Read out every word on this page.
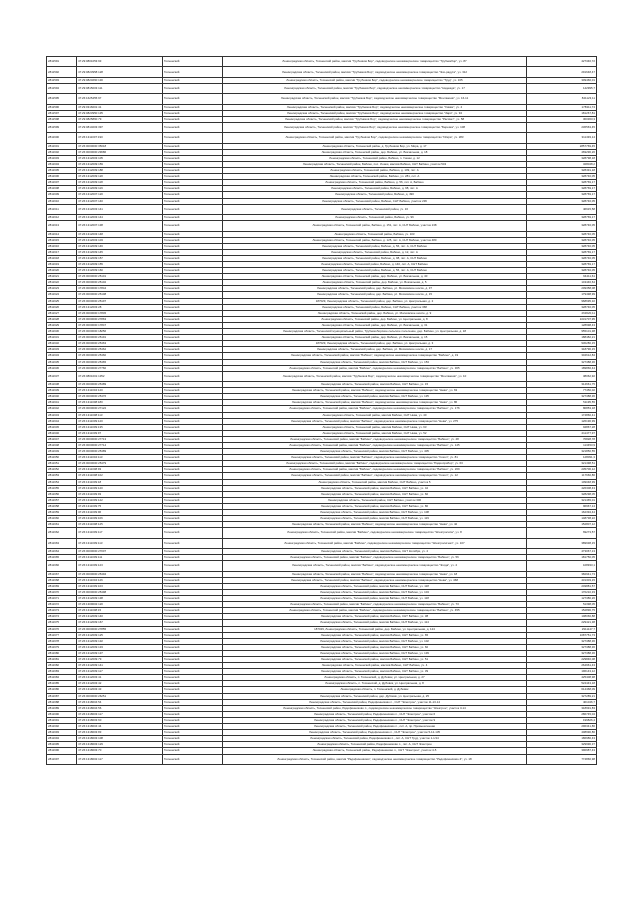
2811591	47:29:0801053:93	Тосненский	Ленинградская область, Тосненский район, массив "Трубников Бор", садоводческое некоммерческое товарищество "Трубникбор", уч. 87	427346,72
2811592	47:29:0823958:128	Тосненский	Ленинградская область, Тосненский район, массив "Трубников Бор", садоводческое некоммерческое товарищество "Эхо-радуга", уч. 312	291648,47
2811593	47:29:0824660:130	Тосненский	Ленинградская область, Тосненский район, массив "Трубников Бор", садоводческое некоммерческое товарищество "Труд", уч. 165	309466,01
2811594	47:29:0815003:111	Тосненский	Ленинградская область, Тосненский район, массив "Трубников Бор", садоводческое некоммерческое товарищество "Надежда", уч. 17	142995,7
2811595	47:26:1625455:97	Тосненский	Ленинградская область, Тосненский район, массив "Трубников Бор", садоводческое некоммерческое товарищество "Монтажник", уч. 16-11	841123,11
2811596	47:29:0316001:41	Тосненский	Ленинградская область, Тосненский район, массив "Трубников Бор", садоводческое некоммерческое товарищество "Химик", уч. 4	178311,74
2811597	47:29:0823950:135	Тосненский	Ленинградская область, Тосненский район, массив "Трубников Бор", садоводческое некоммерческое товарищество "Заря", уч. 94	181267,81
2811598	47:29:0825860:79	Тосненский	Ленинградская область, Тосненский район, массив "Трубников Бор", садоводческое некоммерческое товарищество "Рассвет", уч. 58	300363,3
2811599	47:29:0814003:397	Тосненский	Ленинградская область, Тосненский район, массив "Трубников Бор", садоводческое некоммерческое товарищество "Березка", уч. 108	236563,45
2811600	47:26:1311007:190	Тосненский	Ленинградская область, Тосненский район, массив "Трубников Бор", садоводческое некоммерческое товарищество "Искра", уч. 283	311493,14
2811601	47:26:0000000:35018	Тосненский	Ленинградская область, Тосненский район, д. Трубников Бор, ул. Мира, д. 17	2857769,45
2811602	47:26:0000000:29686	Тосненский	Ленинградская область, Тосненский район, дер. Бабино, ул. Вокзальная, д. 18	469296,26
2811603	47:26:1312003:105	Тосненский	Ленинградская область, Тосненский район, Бабино, п. Ушаки, д. 12	328798,18
2811604	47:26:1312009:159	Тосненский	Ленинградская область, Тосненский район, Бабино, пос. Ушаки, массив Бабино, СНТ Бабино, участок 543	328048,2
2811605	47:26:1312009:188	Тосненский	Ленинградская область, Тосненский район, Бабино, д. 109, лит. А	328491,18
2811606	47:26:1312009:120	Тосненский	Ленинградская область, Тосненский район, Бабино, уч. 281, лит. А	328746,05
2811607	47:26:1312009:118	Тосненский	Ленинградская область, Тосненский район, Бабино, д. 56, лит. А, Бабино	328769,17
2811608	47:26:1312009:119	Тосненский	Ленинградская область, Тосненский район, Бабино, д. 98, лит. А	328769,17
2811609	47:26:1312007:120	Тосненский	Ленинградская область, Тосненский район, Бабино, д. 490	328769,17
2811610	47:26:1312007:140	Тосненский	Ленинградская область, Тосненский район, Бабино, СНТ Бабино, участок 236	328746,05
2811611	47:26:1312003:141	Тосненский	Ленинградская область, Тосненский район, уч. 16	46915,58
2811612	47:26:1312003:144	Тосненский	Ленинградская область, Тосненский район, Бабино, уч. 96	328769,17
2811613	47:26:1312007:138	Тосненский	Ленинградская область, Тосненский район, Бабино, д. 151, лит. А, СНТ Бабино, участок 138	328746,05
2811614	47:26:1312003:148	Тосненский	Ленинградская область, Тосненский район, Бабино, уч. 103	328746,05
2811615	47:26:1312003:103	Тосненский	Ленинградская область, Тосненский район, Бабино, д. 125, лит. А, СНТ Бабино, участок 480	328746,05
2811616	47:26:1312009:146	Тосненский	Ленинградская область, Тосненский район, Бабино, д. 56, лит. А, СНТ Бабино	328746,05
2811617	47:26:1312009:145	Тосненский	Ленинградская область, Тосненский район, Бабино, д. 12, лит. А	328769,17
2811618	47:26:1312009:157	Тосненский	Ленинградская область, Тосненский район, Бабино, д. 98, лит. А, СНТ Бабино	328746,05
2811619	47:26:1312009:155	Тосненский	Ленинградская область, Тосненский район, Бабино, д. 140, лит. А, СНТ Бабино	328769,17
2811620	47:26:1312009:160	Тосненский	Ленинградская область, Тосненский район, Бабино, д. 56, лит. А, СНТ Бабино	328746,05
2811621	47:26:0000000:25101	Тосненский	Ленинградская область, Тосненский район, дер. Бабино, ул. Вокзальная, д. 40	94411,61
2811622	47:26:0000000:25102	Тосненский	Ленинградская область, Тосненский район, дер. Бабино, ул. Вокзальная, д. 5	143446,64
2811623	47:26:0000000:17844	Тосненский	Ленинградская область, Тосненский район, дер. Бабино, ул. Московское шоссе, д. 37	209358,08
2811624	47:26:0000000:25108	Тосненский	Ленинградская область, Тосненский район, дер. Бабино, ул. Московское шоссе, д. 15	179498,99
2811625	47:26:0000000:25197	Тосненский	187029, Ленинградская область, Тосненский район, дер. Бабино, ул. Центральная, д. 2	968695,32
2811626	47:26:1312003:28	Тосненский	Ленинградская область, Тосненский район, Бабино, СНТ Бабино, участок 368	328746,05
2811627	47:26:0000000:17845	Тосненский	Ленинградская область, Тосненский район, дер. Бабино, ул. Московское шоссе, д. 9	263620,11
2811628	47:26:0000000:27863	Тосненский	Ленинградская область, Тосненский район, дер. Бабино, ул. Центральная, д. 8	1031707,95
2811629	47:26:0000000:17847	Тосненский	Ленинградская область, Тосненский район, дер. Бабино, ул. Вокзальная, д. 31	128998,43
2811630	47:26:0000000:18256	Тосненский	Ленинградская область, Тосненский муниципальный район, Трубникоборское сельское поселение, дер. Бабино, ул. Центральная, д. 18	955101,38
2811631	47:26:0000000:25191	Тосненский	Ленинградская область, Тосненский район, дер. Бабино, ул. Вокзальная, д. 15	188482,21
2811632	47:26:0000000:25463	Тосненский	187029, Ленинградская область, Тосненский район, дер. Бабино, ул. Центральная, д. 3	930280,15
2811633	47:26:0000000:25462	Тосненский	Ленинградская область, Тосненский район, дер. Бабино, ул. Московское шоссе, д. 17	318796,15
2811634	47:26:0000000:25460	Тосненский	Ленинградская область, Тосненский район, массив "Бабино", садоводческое некоммерческое товарищество "Бабино", д. 19	304612,84
2811635	47:26:0000000:25465	Тосненский	Ленинградская область, Тосненский район, массив Бабино, СНТ Бабино, уч. 153	327388,36
2811636	47:26:0000000:27760	Тосненский	Ленинградская область, Тосненский район, массив "Бабино", садоводческое некоммерческое товарищество "Бабино", уч. 305	189866,44
2811637	47:26:0801001:1352	Тосненский	Ленинградская область, Тосненский район, массив "Трубников Бор", садоводческое некоммерческое товарищество "Монтажник", уч. 10	38062,92
2811638	47:26:0000000:25489	Тосненский	Ленинградская область, Тосненский район, массив Бабино, СНТ Бабино, уч. 15	314661,75
2811639	47:26:1311004:120	Тосненский	Ленинградская область, Тосненский район, массив "Бабино", садоводческое некоммерческое товарищество "Нева", уч. 63	77450,02
2811640	47:26:0000000:25476	Тосненский	Ленинградская область, Тосненский район, массив Бабино, СНТ Бабино, уч. 135	327388,36
2811641	47:26:1311008:180	Тосненский	Ленинградская область, Тосненский район, массив "Бабино", садоводческое некоммерческое товарищество "Нева", уч. 86	51195,55
2811642	47:26:0000000:27122	Тосненский	Ленинградская область, Тосненский район, массив "Бабино", садоводческое некоммерческое товарищество "Бабино", уч. 176	80853,18
2811643	47:26:1311008:113	Тосненский	Ленинградская область, Тосненский район, массив Бабино, СНТ Нева, уч. 40	174860,41
2811644	47:26:1311009:120	Тосненский	Ленинградская область, Тосненский район, массив "Бабино", садоводческое некоммерческое товарищество "Нева", уч. 275	126196,99
2811645	47:26:1311009:135	Тосненский	Ленинградская область, Тосненский район, массив Бабино, СНТ Нева, уч. 63	94867,28
2811646	47:26:1311009:97	Тосненский	Ленинградская область, Тосненский район, массив Бабино, СНТ Нева, уч. 52	211477,97
2811647	47:26:0000000:27713	Тосненский	Ленинградская область, Тосненский район, массив "Бабино", садоводческое некоммерческое товарищество "Бабино", уч. 48	70828,78
2811648	47:26:0000000:27714	Тосненский	Ленинградская область, Тосненский район, массив "Бабино", садоводческое некоммерческое товарищество "Бабино", уч. 145	113453,9
2811649	47:26:0000000:25489	Тосненский	Ленинградская область, Тосненский район, массив Бабино, СНТ Бабино, уч. 405	321850,55
2811650	47:26:1311004:113	Тосненский	Ленинградская область, Тосненский район, массив "Бабино", садоводческое некоммерческое товарищество "Сокол", уч. 81	128091,3
2811651	47:26:0000000:25479	Тосненский	Ленинградская область, Тосненский район, массив "Бабино", садоводческое некоммерческое товарищество "Радиоприбор", уч. 63	321498,51
2811652	47:26:1311008:93	Тосненский	Ленинградская область, Тосненский район, массив "Бабино", садоводческое некоммерческое товарищество "Бабино", уч. 269	235706,12
2811653	47:26:1311008:102	Тосненский	Ленинградская область, Тосненский район, массив "Бабино", садоводческое некоммерческое товарищество "Сокол", уч. 12	117660,86
2811654	47:26:1311009:18	Тосненский	Ленинградская область, Тосненский район, массив Бабино, СНТ Бабино, участок 5	109048,99
2811655	47:26:1311009:120	Тосненский	Ленинградская область, Тосненский район, массив Бабино, СНТ Бабино, уч. 42	426308,43
2811656	47:26:1311009:93	Тосненский	Ленинградская область, Тосненский район, массив Бабино, СНТ Бабино, уч. 60	328298,05
2811657	47:26:1311009:122	Тосненский	Ленинградская область, Тосненский район, СНТ Бабино, участок 300	321465,01
2811658	47:26:1311009:75	Тосненский	Ленинградская область, Тосненский район, массив Бабино, СНТ Бабино, уч. 80	96967,14
2811659	47:26:1311009:96	Тосненский	Ленинградская область, Тосненский район, массив Бабино, СНТ Бабино, уч. 108	162394,44
2811660	47:26:1311009:106	Тосненский	Ленинградская область, Тосненский район, массив Бабино, СНТ Бабино, уч. 119	148738,22
2811661	47:26:1311008:125	Тосненский	Ленинградская область, Тосненский район, массив "Бабино", садоводческое некоммерческое товарищество "Нева", уч. 42	152807,12
2811662	47:26:1311009:117	Тосненский	Ленинградская область, Тосненский район, массив "Бабино", садоводческое некоммерческое товарищество "Электросила", уч. 8	69273,57
2811663	47:26:1311009:113	Тосненский	Ленинградская область, Тосненский район, массив "Бабино", садоводческое некоммерческое товарищество "Электросигнал", уч. 107	389938,15
2811664	47:26:0000000:27007	Тосненский	Ленинградская область, Тосненский район, массив Бабино, СНТ Колибри, уч. 4	473067,13
2811665	47:26:1311009:111	Тосненский	Ленинградская область, Тосненский район, массив "Бабино", садоводческое некоммерческое товарищество "Бабино", уч. 56	181750,05
2811666	47:26:1311009:123	Тосненский	Ленинградская область, Тосненский район, массив "Бабино", садоводческое некоммерческое товарищество "Эгида", уч. 4	108933,1
2811667	47:26:0000000:25494	Тосненский	Ленинградская область, Тосненский район, массив "Бабино", садоводческое некоммерческое товарищество "Нева", уч. 18	382941,73
2811668	47:26:1311004:126	Тосненский	Ленинградская область, Тосненский район, массив "Бабино", садоводческое некоммерческое товарищество "Нева", уч. 468	431303,15
2811669	47:26:1311009:103	Тосненский	Ленинградская область, Тосненский район, массив Бабино, СНТ Бабино, уч. 118	249881,57
2811670	47:26:0000000:25498	Тосненский	Ленинградская область, Тосненский район, массив Бабино, СНТ Бабино, уч. 104	170210,33
2811671	47:26:1312009:138	Тосненский	Ленинградская область, Тосненский район, массив Бабино, СНТ Бабино, уч. 118	127380,26
2811672	47:26:1309002:120	Тосненский	Ленинградская область, Тосненский район, массив "Бабино", садоводческое некоммерческое товарищество "Бабино", уч. 73	51398,05
2811673	47:26:1311008:15	Тосненский	Ленинградская область, Тосненский район, массив "Бабино", садоводческое некоммерческое товарищество "Бабино", уч. 455	152896,75
2811674	47:26:1312009:140	Тосненский	Ленинградская область, Тосненский район, массив Бабино, СНТ Бабино, уч. 38	108066,88
2811675	47:26:1312009:167	Тосненский	Ленинградская область, Тосненский район, массив Бабино, СНТ Бабино, уч. 114	229421,38
2811676	47:26:0000000:27855	Тосненский	187029, Ленинградская область, Тосненский район, дер. Бабино, ул. Центральная, д. 124	2911147,7
2811677	47:26:1312009:125	Тосненский	Ленинградская область, Тосненский район, массив Бабино, СНТ Бабино, уч. 65	1087751,73
2811678	47:26:1312009:132	Тосненский	Ленинградская область, Тосненский район, массив Бабино, СНТ Бабино, уч. 102	327388,36
2811679	47:26:1312009:133	Тосненский	Ленинградская область, Тосненский район, массив Бабино, СНТ Бабино, уч. 60	327388,36
2811680	47:26:1312009:137	Тосненский	Ленинградская область, Тосненский район, массив Бабино, СНТ Бабино, уч. 139	327388,36
2811681	47:26:1312009:79	Тосненский	Ленинградская область, Тосненский район, массив Бабино, СНТ Бабино, уч. 51	229846,08
2811682	47:26:1312009:141	Тосненский	Ленинградская область, Тосненский район, массив Бабино, СНТ Бабино, уч. 4	264961,43
2811683	47:26:1312009:117	Тосненский	Ленинградская область, Тосненский район, массив Бабино, СНТ Бабино, уч. 39	196143,12
2811684	47:26:1312003:41	Тосненский	Ленинградская область, п. Тосненский, д. Дубовик, ул. Центральная, д. 27	425408,98
2811685	47:26:1312003:42	Тосненский	Ленинградская область, п. Тосненский, д. Дубовик, ул. Центральная, д. 8	524443,18
2811686	47:26:1312003:43	Тосненский	Ленинградская область, п. Тосненский, д. Дубовик	614468,09
2811687	47:26:0000000:26251	Тосненский	Ленинградская область, Тосненский район, дер. Дубовик, ул. Центральная, д. 25	327289,21
2811688	47:26:1318004:54	Тосненский	Ленинградская область, Тосненский район, Радофинниково п., СНТ "Электрон", участок 11-13-14	401046,7
2811689	47:26:1318004:56	Тосненский	Ленинградская область, Тосненский район, Радофинниково п., садоводческое некоммерческое товарищество "Электрон", участок 3-14	318991,83
2811690	47:26:1318003:117	Тосненский	Ленинградская область, Тосненский район, Радофинниково п., СНТ "Электрон", участок 6	286745,04
2811691	47:26:1318003:60	Тосненский	Ленинградская область, Тосненский район, Радофинниково п., СНТ "Электрон", участок 9	199826,4
2811692	47:26:1318004:44	Тосненский	Ленинградская область, Тосненский район, Радофинниково п., лит. А, пр. Промышленная	296341,86
2811693	47:26:1318003:83	Тосненский	Ленинградская область, Тосненский район, Радофинниково п., СНТ "Электрон", участок 5-12-135	408990,86
2811694	47:26:1318003:108	Тосненский	Ленинградская область, Тосненский район, Радофинниково п., лит. А, СНТ Труд, участок 1-1/14	186980,43
2811695	47:26:1318003:129	Тосненский	Ленинградская область, Тосненский район, Радофинниково п., лит. А, СНТ Электрон	329996,37
2811696	47:26:1318003:70	Тосненский	Ленинградская область, Тосненский район, Радофинниково п., СНТ "Электрон", участок 4-5	390987,43
2811697	47:26:1318002:117	Тосненский	Ленинградская область, Тосненский район, массив "Радофинниково", садоводческое некоммерческое товарищество "Радофинниково-3", уч. 18	774866,98
